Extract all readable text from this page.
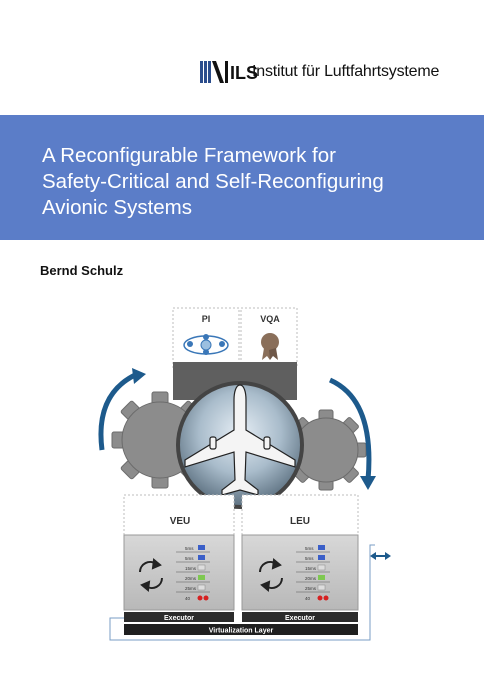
ILS
Institut für Luftfahrtsysteme
A Reconfigurable Framework for
Safety-Critical and Self-Reconfiguring
Avionic Systems
Bernd Schulz
PI	VQA
VEU	LEU
5ms
5ms
15ms
20ms
25ms
40
5ms
5ms
15ms
20ms
25ms
40
Executor	Executor
Virtualization Layer
